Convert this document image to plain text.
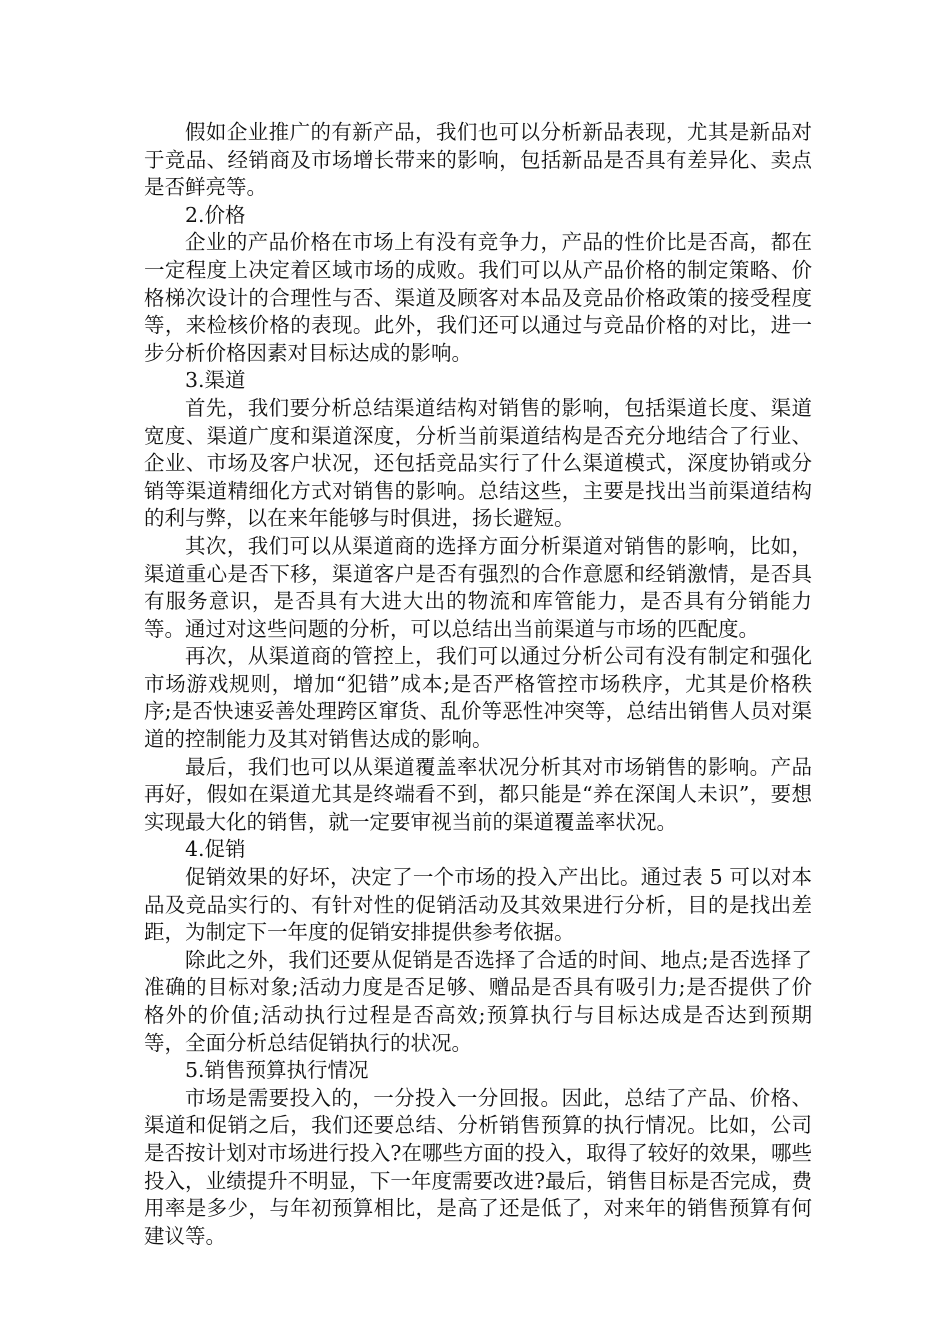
假如企业推广的有新产品，我们也可以分析新品表现，尤其是新品对于竞品、经销商及市场增长带来的影响，包括新品是否具有差异化、卖点是否鲜亮等。

2.价格

企业的产品价格在市场上有没有竞争力，产品的性价比是否高，都在一定程度上决定着区域市场的成败。我们可以从产品价格的制定策略、价格梯次设计的合理性与否、渠道及顾客对本品及竞品价格政策的接受程度等，来检核价格的表现。此外，我们还可以通过与竞品价格的对比，进一步分析价格因素对目标达成的影响。

3.渠道

首先，我们要分析总结渠道结构对销售的影响，包括渠道长度、渠道宽度、渠道广度和渠道深度，分析当前渠道结构是否充分地结合了行业、企业、市场及客户状况，还包括竞品实行了什么渠道模式，深度协销或分销等渠道精细化方式对销售的影响。总结这些，主要是找出当前渠道结构的利与弊，以在来年能够与时俱进，扬长避短。

其次，我们可以从渠道商的选择方面分析渠道对销售的影响，比如，渠道重心是否下移，渠道客户是否有强烈的合作意愿和经销激情，是否具有服务意识，是否具有大进大出的物流和库管能力，是否具有分销能力等。通过对这些问题的分析，可以总结出当前渠道与市场的匹配度。

再次，从渠道商的管控上，我们可以通过分析公司有没有制定和强化市场游戏规则，增加“犯错”成本;是否严格管控市场秩序，尤其是价格秩序;是否快速妥善处理跨区窜货、乱价等恶性冲突等，总结出销售人员对渠道的控制能力及其对销售达成的影响。

最后，我们也可以从渠道覆盖率状况分析其对市场销售的影响。产品再好，假如在渠道尤其是终端看不到，都只能是“养在深闺人未识”，要想实现最大化的销售，就一定要审视当前的渠道覆盖率状况。

4.促销

促销效果的好坏，决定了一个市场的投入产出比。通过表 5 可以对本品及竞品实行的、有针对性的促销活动及其效果进行分析，目的是找出差距，为制定下一年度的促销安排提供参考依据。

除此之外，我们还要从促销是否选择了合适的时间、地点;是否选择了准确的目标对象;活动力度是否足够、赠品是否具有吸引力;是否提供了价格外的价值;活动执行过程是否高效;预算执行与目标达成是否达到预期等，全面分析总结促销执行的状况。

5.销售预算执行情况

市场是需要投入的，一分投入一分回报。因此，总结了产品、价格、渠道和促销之后，我们还要总结、分析销售预算的执行情况。比如，公司是否按计划对市场进行投入?在哪些方面的投入，取得了较好的效果，哪些投入，业绩提升不明显，下一年度需要改进?最后，销售目标是否完成，费用率是多少，与年初预算相比，是高了还是低了，对来年的销售预算有何建议等。
